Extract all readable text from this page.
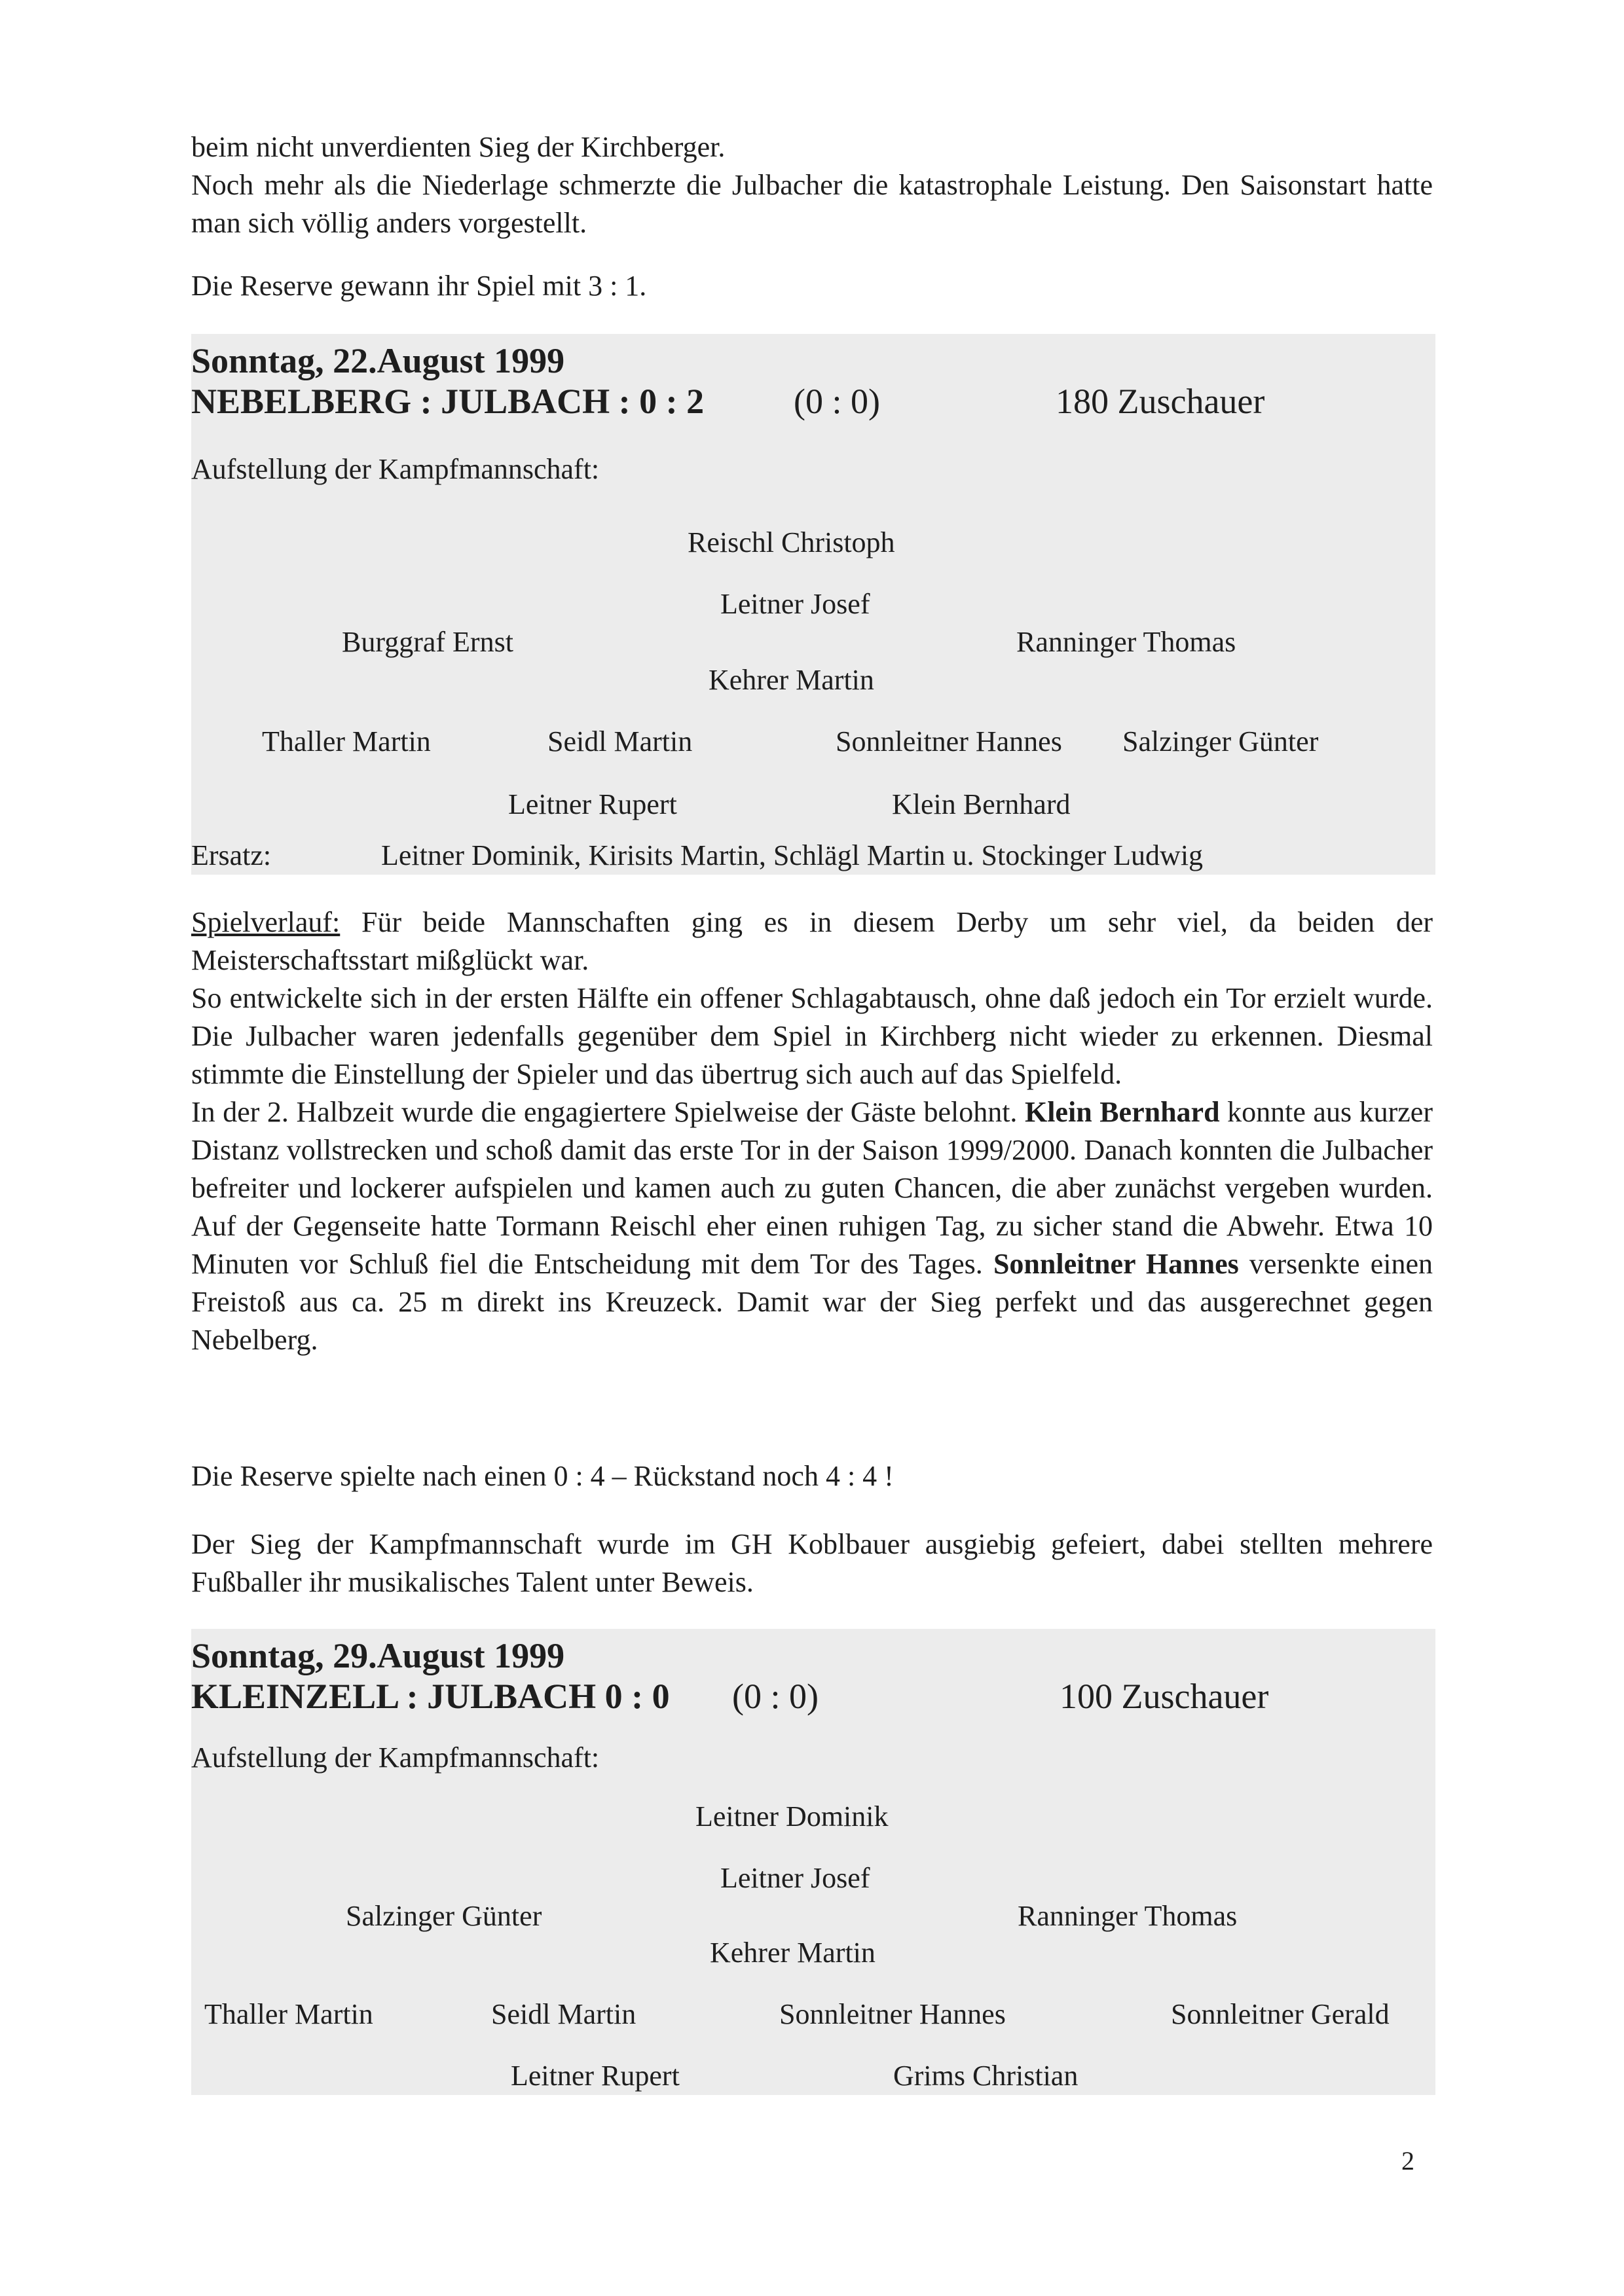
beim nicht unverdienten Sieg der Kirchberger.

Noch mehr als die Niederlage schmerzte die Julbacher die katastrophale Leistung. Den Saisonstart hatte man sich völlig anders vorgestellt.

Die Reserve gewann ihr Spiel mit 3 : 1.

Sonntag, 22.August 1999
NEBELBERG : JULBACH : 0 : 2	(0 : 0)	180 Zuschauer
Aufstellung der Kampfmannschaft:
Reischl Christoph
Leitner Josef
Burggraf Ernst	Ranninger Thomas
Kehrer Martin
Thaller Martin	Seidl Martin	Sonnleitner Hannes Salzinger Günter
Leitner Rupert	Klein Bernhard
Ersatz:	Leitner Dominik, Kirisits Martin, Schlägl Martin u. Stockinger Ludwig

Spielverlauf: Für beide Mannschaften ging es in diesem Derby um sehr viel, da beiden der Meisterschaftsstart mißglückt war.

So entwickelte sich in der ersten Hälfte ein offener Schlagabtausch, ohne daß jedoch ein Tor erzielt wurde. Die Julbacher waren jedenfalls gegenüber dem Spiel in Kirchberg nicht wieder zu erkennen. Diesmal stimmte die Einstellung der Spieler und das übertrug sich auch auf das Spielfeld.

In der 2. Halbzeit wurde die engagiertere Spielweise der Gäste belohnt. Klein Bernhard konnte aus kurzer Distanz vollstrecken und schoß damit das erste Tor in der Saison 1999/2000. Danach konnten die Julbacher befreiter und lockerer aufspielen und kamen auch zu guten Chancen, die aber zunächst vergeben wurden. Auf der Gegenseite hatte Tormann Reischl eher einen ruhigen Tag, zu sicher stand die Abwehr. Etwa 10 Minuten vor Schluß fiel die Entscheidung mit dem Tor des Tages. Sonnleitner Hannes versenkte einen Freistoß aus ca. 25 m direkt ins Kreuzeck. Damit war der Sieg perfekt und das ausgerechnet gegen Nebelberg.

Die Reserve spielte nach einen 0 : 4 – Rückstand noch 4 : 4 !

Der Sieg der Kampfmannschaft wurde im GH Koblbauer ausgiebig gefeiert, dabei stellten mehrere Fußballer ihr musikalisches Talent unter Beweis.

Sonntag, 29.August 1999
KLEINZELL : JULBACH 0 : 0 (0 : 0)	100 Zuschauer
Aufstellung der Kampfmannschaft:
Leitner Dominik
Leitner Josef
Salzinger Günter	Ranninger Thomas
Kehrer Martin
Thaller Martin	Seidl Martin	Sonnleitner Hannes	Sonnleitner Gerald
Leitner Rupert	Grims Christian
2
